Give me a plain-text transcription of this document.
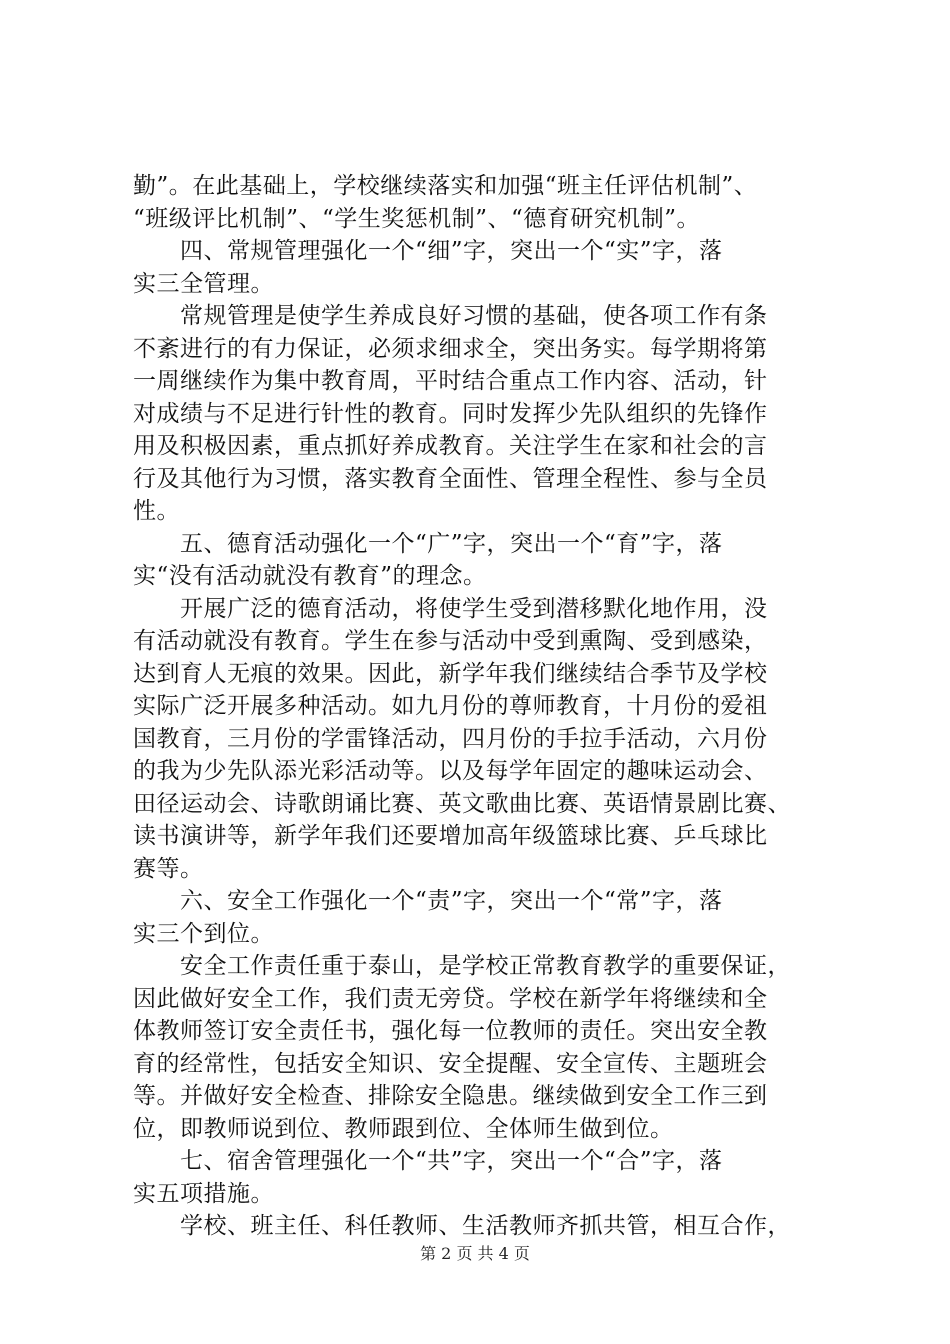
勤”。在此基础上，学校继续落实和加强“班主任评估机制”、
“班级评比机制”、“学生奖惩机制”、“德育研究机制”。
四、常规管理强化一个“细”字，突出一个“实”字，落
实三全管理。
常规管理是使学生养成良好习惯的基础，使各项工作有条
不紊进行的有力保证，必须求细求全，突出务实。每学期将第
一周继续作为集中教育周，平时结合重点工作内容、活动，针
对成绩与不足进行针性的教育。同时发挥少先队组织的先锋作
用及积极因素，重点抓好养成教育。关注学生在家和社会的言
行及其他行为习惯，落实教育全面性、管理全程性、参与全员
性。
五、德育活动强化一个“广”字，突出一个“育”字，落
实“没有活动就没有教育”的理念。
开展广泛的德育活动，将使学生受到潜移默化地作用，没
有活动就没有教育。学生在参与活动中受到熏陶、受到感染，
达到育人无痕的效果。因此，新学年我们继续结合季节及学校
实际广泛开展多种活动。如九月份的尊师教育，十月份的爱祖
国教育，三月份的学雷锋活动，四月份的手拉手活动，六月份
的我为少先队添光彩活动等。以及每学年固定的趣味运动会、
田径运动会、诗歌朗诵比赛、英文歌曲比赛、英语情景剧比赛、
读书演讲等，新学年我们还要增加高年级篮球比赛、乒乓球比
赛等。
六、安全工作强化一个“责”字，突出一个“常”字，落
实三个到位。
安全工作责任重于泰山，是学校正常教育教学的重要保证，
因此做好安全工作，我们责无旁贷。学校在新学年将继续和全
体教师签订安全责任书，强化每一位教师的责任。突出安全教
育的经常性，包括安全知识、安全提醒、安全宣传、主题班会
等。并做好安全检查、排除安全隐患。继续做到安全工作三到
位，即教师说到位、教师跟到位、全体师生做到位。
七、宿舍管理强化一个“共”字，突出一个“合”字，落
实五项措施。
学校、班主任、科任教师、生活教师齐抓共管，相互合作，
第 2 页 共 4 页
